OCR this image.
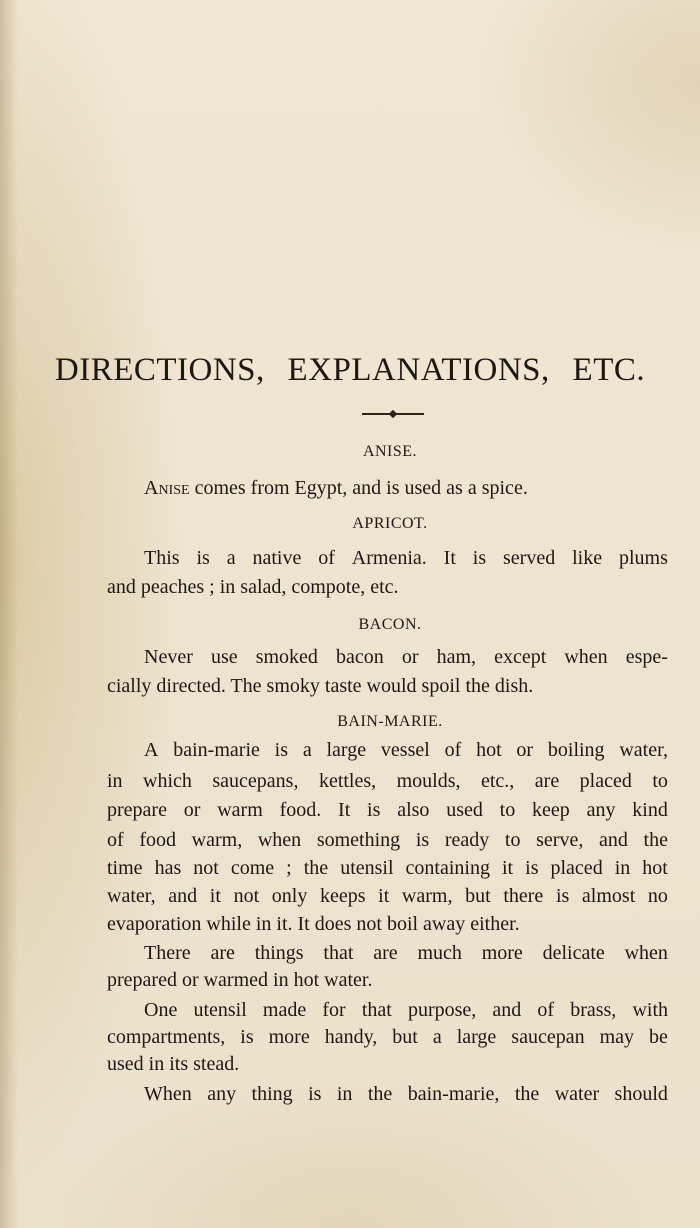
DIRECTIONS, EXPLANATIONS, ETC.
ANISE.
Anise comes from Egypt, and is used as a spice.
APRICOT.
This is a native of Armenia. It is served like plums
and peaches ; in salad, compote, etc.
BACON.
Never use smoked bacon or ham, except when espe-
cially directed. The smoky taste would spoil the dish.
BAIN-MARIE.
A bain-marie is a large vessel of hot or boiling water,
in which saucepans, kettles, moulds, etc., are placed to
prepare or warm food. It is also used to keep any kind
of food warm, when something is ready to serve, and the
time has not come ; the utensil containing it is placed in hot
water, and it not only keeps it warm, but there is almost no
evaporation while in it. It does not boil away either.
There are things that are much more delicate when
prepared or warmed in hot water.
One utensil made for that purpose, and of brass, with
compartments, is more handy, but a large saucepan may be
used in its stead.
When any thing is in the bain-marie, the water should
